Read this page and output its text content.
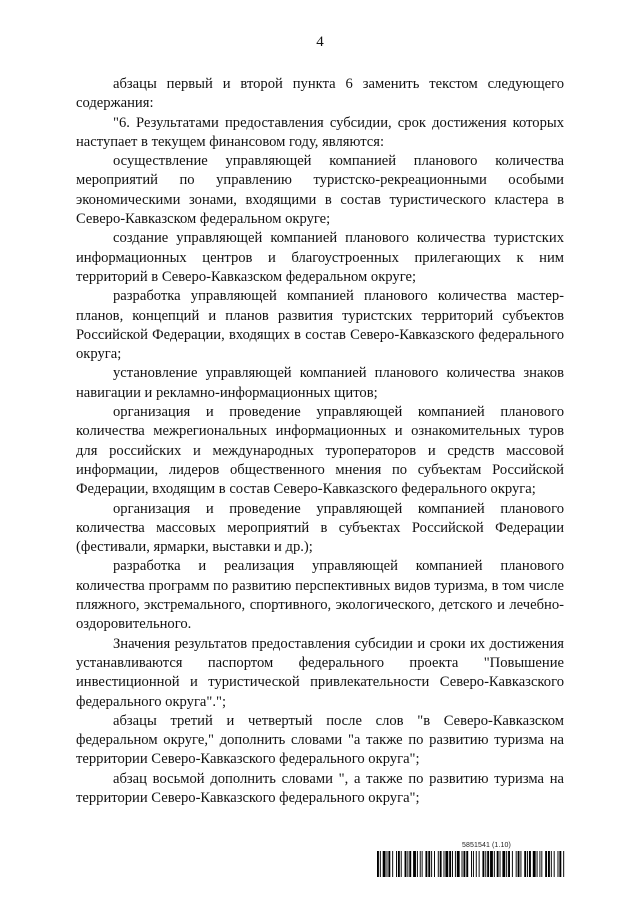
4

абзацы первый и второй пункта 6 заменить текстом следующего содержания:

"6. Результатами предоставления субсидии, срок достижения которых наступает в текущем финансовом году, являются:

осуществление управляющей компанией планового количества мероприятий по управлению туристско-рекреационными особыми экономическими зонами, входящими в состав туристического кластера в Северо-Кавказском федеральном округе;

создание управляющей компанией планового количества туристских информационных центров и благоустроенных прилегающих к ним территорий в Северо-Кавказском федеральном округе;

разработка управляющей компанией планового количества мастер-планов, концепций и планов развития туристских территорий субъектов Российской Федерации, входящих в состав Северо-Кавказского федерального округа;

установление управляющей компанией планового количества знаков навигации и рекламно-информационных щитов;

организация и проведение управляющей компанией планового количества межрегиональных информационных и ознакомительных туров для российских и международных туроператоров и средств массовой информации, лидеров общественного мнения по субъектам Российской Федерации, входящим в состав Северо-Кавказского федерального округа;

организация и проведение управляющей компанией планового количества массовых мероприятий в субъектах Российской Федерации (фестивали, ярмарки, выставки и др.);

разработка и реализация управляющей компанией планового количества программ по развитию перспективных видов туризма, в том числе пляжного, экстремального, спортивного, экологического, детского и лечебно-оздоровительного.

Значения результатов предоставления субсидии и сроки их достижения устанавливаются паспортом федерального проекта "Повышение инвестиционной и туристической привлекательности Северо-Кавказского федерального округа".";

абзацы третий и четвертый после слов "в Северо-Кавказском федеральном округе," дополнить словами "а также по развитию туризма на территории Северо-Кавказского федерального округа";

абзац восьмой дополнить словами ", а также по развитию туризма на территории Северо-Кавказского федерального округа";

5851541 (1.10)
